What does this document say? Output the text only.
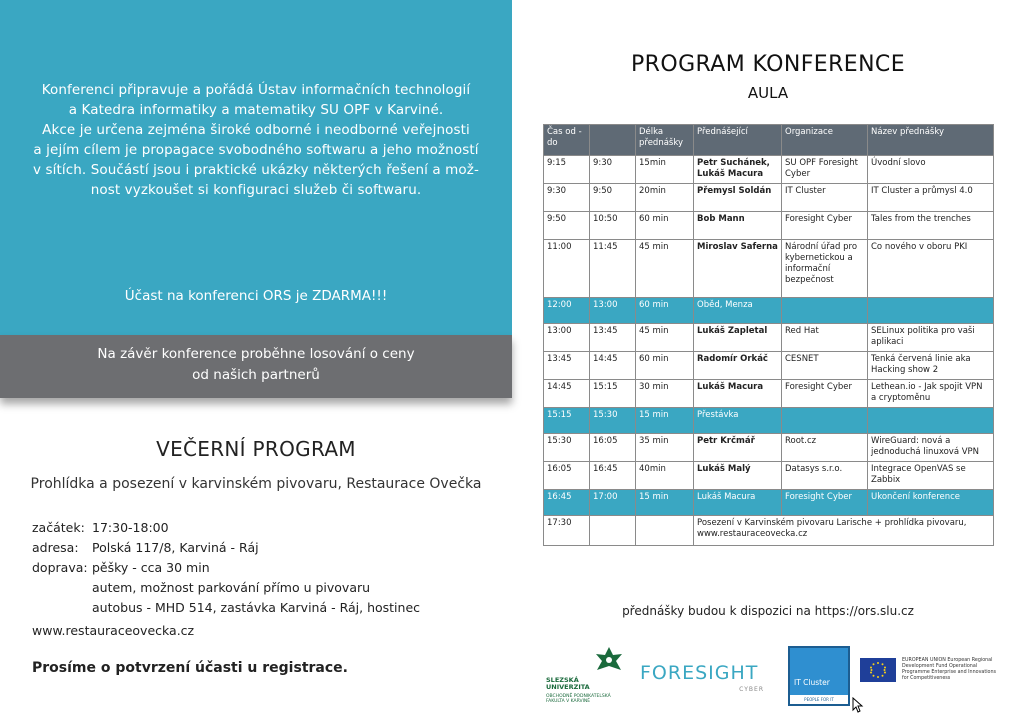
Konferenci připravuje a pořádá Ústav informačních technologií
a Katedra informatiky a matematiky SU OPF v Karviné.
Akce je určena zejména široké odborné i neodborné veřejnosti
a jejím cílem je propagace svobodného softwaru a jeho možností
v sítích. Součástí jsou i praktické ukázky některých řešení a mož-
nost vyzkoušet si konfiguraci služeb či softwaru.
Účast na konferenci ORS je ZDARMA!!!
Na závěr konference proběhne losování o ceny
od našich partnerů
VEČERNÍ PROGRAM
Prohlídka a posezení v karvinském pivovaru, Restaurace Ovečka
začátek: 17:30-18:00
adresa:	Polská 117/8, Karviná - Ráj
doprava: pěšky - cca 30 min
autem, možnost parkování přímo u pivovaru
autobus - MHD 514, zastávka Karviná - Ráj, hostinec
www.restauraceovecka.cz
Prosíme o potvrzení účasti u registrace.
PROGRAM KONFERENCE
AULA
Čas od - do		Délka přednášky	Přednášející	Organizace	Název přednášky
9:15	9:30	15min	Petr Suchánek, Lukáš Macura	SU OPF Foresight Cyber	Úvodní slovo
9:30	9:50	20min	Přemysl Soldán	IT Cluster	IT Cluster a průmysl 4.0
9:50	10:50	60 min	Bob Mann	Foresight Cyber	Tales from the trenches
11:00	11:45	45 min	Miroslav Saferna	Národní úřad pro kybernetickou a informační bezpečnost	Co nového v oboru PKI
12:00	13:00	60 min	Oběd, Menza		
13:00	13:45	45 min	Lukáš Zapletal	Red Hat	SELinux politika pro vaši aplikaci
13:45	14:45	60 min	Radomír Orkáč	CESNET	Tenká červená linie aka Hacking show 2
14:45	15:15	30 min	Lukáš Macura	Foresight Cyber	Lethean.io - Jak spojit VPN a cryptoměnu
15:15	15:30	15 min	Přestávka		
15:30	16:05	35 min	Petr Krčmář	Root.cz	WireGuard: nová a jednoduchá linuxová VPN
16:05	16:45	40min	Lukáš Malý	Datasys s.r.o.	Integrace OpenVAS se Zabbix
16:45	17:00	15 min	Lukáš Macura	Foresight Cyber	Ukončení konference
17:30			Posezení v Karvinském pivovaru Larische + prohlídka pivovaru, www.restauraceovecka.cz		
přednášky budou k dispozici na https://ors.slu.cz
SLEZSKÁ
UNIVERZITA
OBCHODNĚ PODNIKATELSKÁ FAKULTA V KARVINÉ
FORESIGHT
CYBER
IT Cluster
PEOPLE FOR IT
EUROPEAN UNION European Regional Development Fund Operational Programme Enterprise and Innovations for Competitiveness
